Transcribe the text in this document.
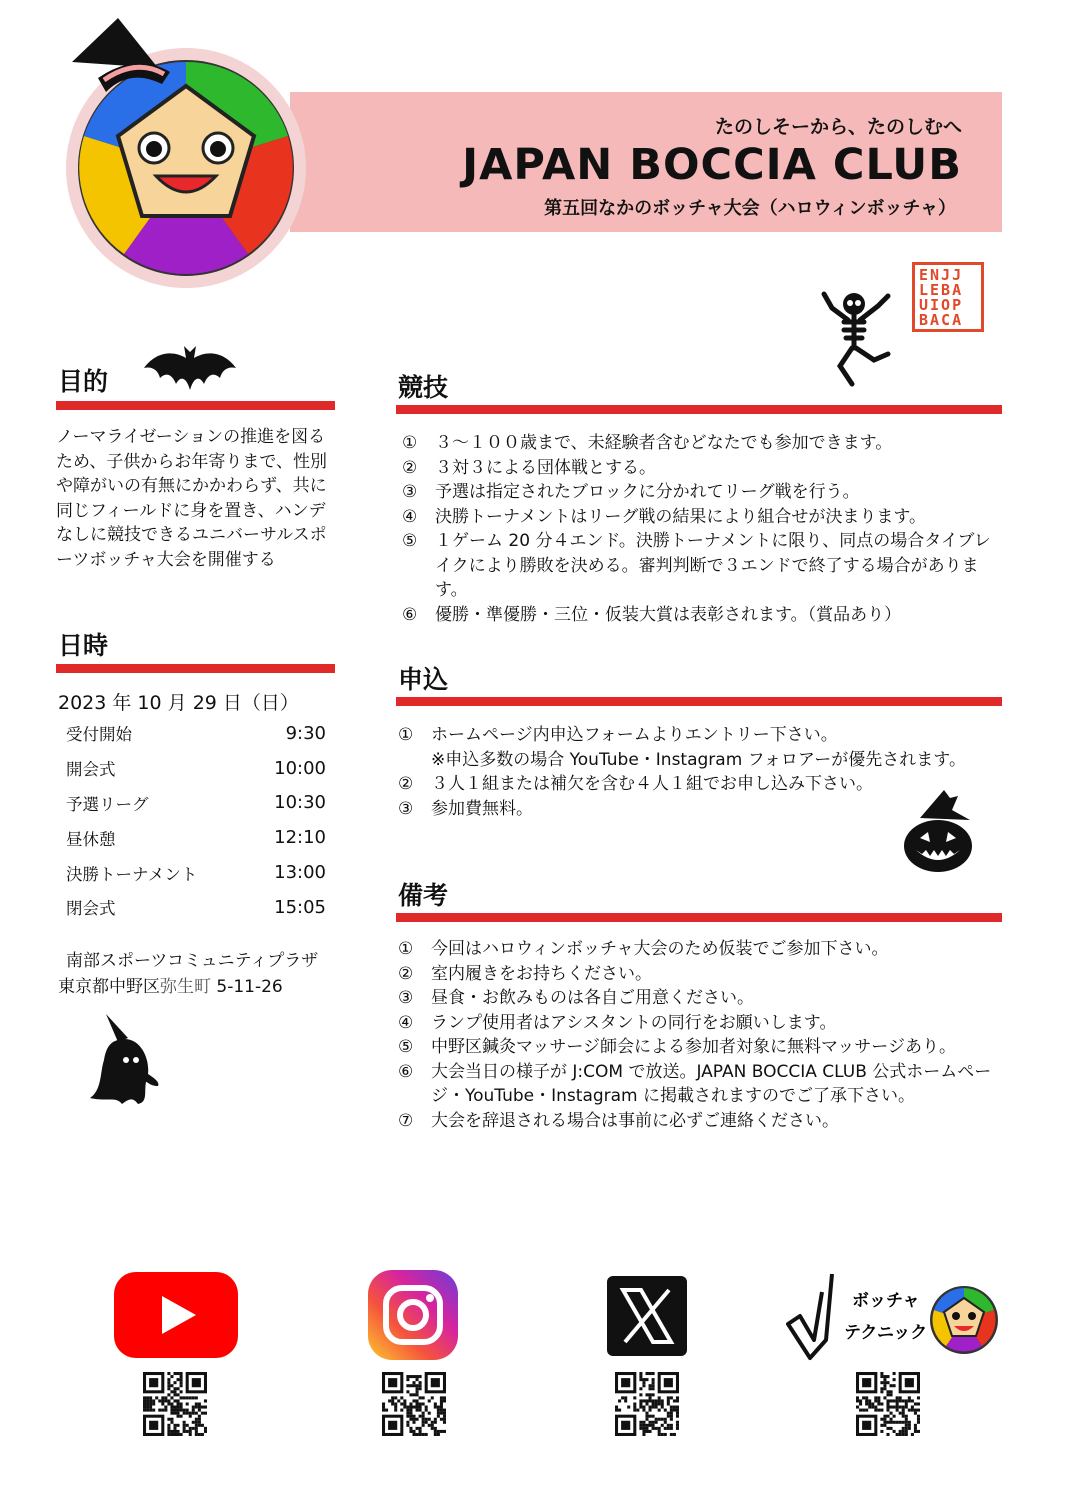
たのしそーから、たのしむへ
JAPAN BOCCIA CLUB
第五回なかのボッチャ大会（ハロウィンボッチャ）
ENJJ
LEBA
UIOP
BACA
目的
ノーマライゼーションの推進を図るため、子供からお年寄りまで、性別や障がいの有無にかかわらず、共に同じフィールドに身を置き、ハンデなしに競技できるユニバーサルスポーツボッチャ大会を開催する
日時
2023 年 10 月 29 日（日）
受付開始	9:30
開会式	10:00
予選リーグ	10:30
昼休憩	12:10
決勝トーナメント	13:00
閉会式	15:05
南部スポーツコミュニティプラザ
東京都中野区弥生町 5-11-26
競技
①	３～１００歳まで、未経験者含むどなたでも参加できます。
②	３対３による団体戦とする。
③	予選は指定されたブロックに分かれてリーグ戦を行う。
④	決勝トーナメントはリーグ戦の結果により組合せが決まります。
⑤	１ゲーム 20 分４エンド。決勝トーナメントに限り、同点の場合タイブレイクにより勝敗を決める。審判判断で３エンドで終了する場合があります。
⑥	優勝・準優勝・三位・仮装大賞は表彰されます。（賞品あり）
申込
①	ホームページ内申込フォームよりエントリー下さい。
※申込多数の場合 YouTube・Instagram フォロアーが優先されます。
②	３人１組または補欠を含む４人１組でお申し込み下さい。
③	参加費無料。
備考
①	今回はハロウィンボッチャ大会のため仮装でご参加下さい。
②	室内履きをお持ちください。
③	昼食・お飲みものは各自ご用意ください。
④	ランプ使用者はアシスタントの同行をお願いします。
⑤	中野区鍼灸マッサージ師会による参加者対象に無料マッサージあり。
⑥	大会当日の様子が J:COM で放送。JAPAN BOCCIA CLUB 公式ホームページ・YouTube・Instagram に掲載されますのでご了承下さい。
⑦	大会を辞退される場合は事前に必ずご連絡ください。
ボッチャ
テクニック
